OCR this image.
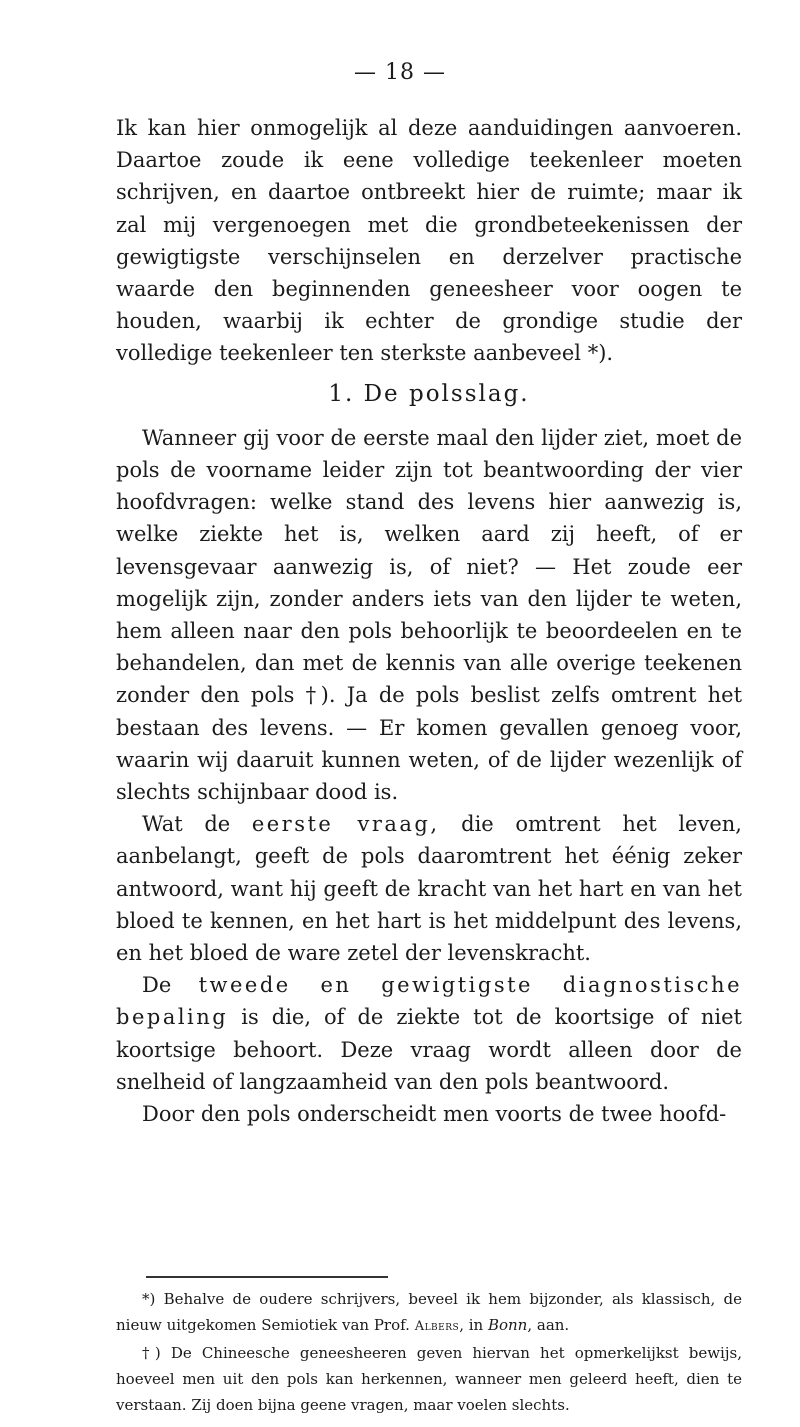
— 18 —

Ik kan hier onmogelijk al deze aanduidingen aanvoeren. Daartoe zoude ik eene volledige teekenleer moeten schrijven, en daartoe ontbreekt hier de ruimte; maar ik zal mij vergenoegen met die grondbeteekenissen der gewigtigste verschijnselen en derzelver practische waarde den beginnenden geneesheer voor oogen te houden, waarbij ik echter de grondige studie der volledige teekenleer ten sterkste aanbeveel *).

1. De polsslag.

Wanneer gij voor de eerste maal den lijder ziet, moet de pols de voorname leider zijn tot beantwoording der vier hoofdvragen: welke stand des levens hier aanwezig is, welke ziekte het is, welken aard zij heeft, of er levensgevaar aanwezig is, of niet? — Het zoude eer mogelijk zijn, zonder anders iets van den lijder te weten, hem alleen naar den pols behoorlijk te beoordeelen en te behandelen, dan met de kennis van alle overige teekenen zonder den pols †). Ja de pols beslist zelfs omtrent het bestaan des levens. — Er komen gevallen genoeg voor, waarin wij daaruit kunnen weten, of de lijder wezenlijk of slechts schijnbaar dood is.

Wat de eerste vraag, die omtrent het leven, aanbelangt, geeft de pols daaromtrent het éénig zeker antwoord, want hij geeft de kracht van het hart en van het bloed te kennen, en het hart is het middelpunt des levens, en het bloed de ware zetel der levenskracht.

De tweede en gewigtigste diagnostische bepaling is die, of de ziekte tot de koortsige of niet koortsige behoort. Deze vraag wordt alleen door de snelheid of langzaamheid van den pols beantwoord.

Door den pols onderscheidt men voorts de twee hoofd-

*) Behalve de oudere schrijvers, beveel ik hem bijzonder, als klassisch, de nieuw uitgekomen Semiotiek van Prof. Albers, in Bonn, aan.

†) De Chineesche geneesheeren geven hiervan het opmerkelijkst bewijs, hoeveel men uit den pols kan herkennen, wanneer men geleerd heeft, dien te verstaan. Zij doen bijna geene vragen, maar voelen slechts.
